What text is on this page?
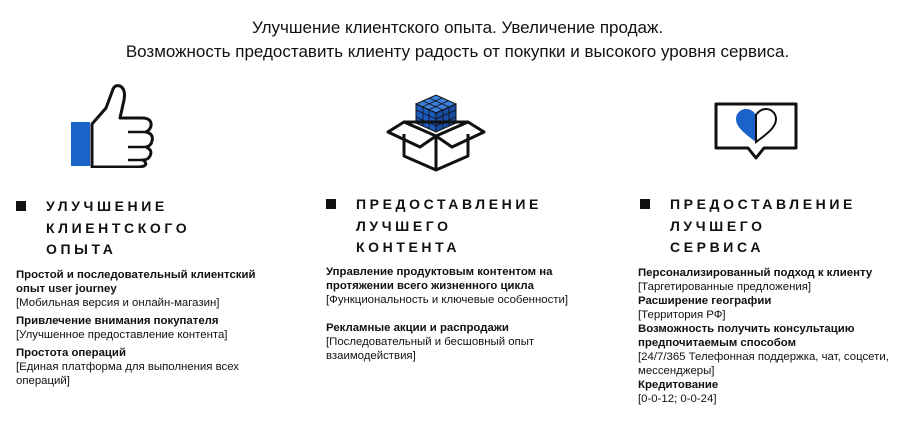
Улучшение клиентского опыта. Увеличение продаж.
Возможность предоставить клиенту радость от покупки и высокого уровня сервиса.
УЛУЧШЕНИЕ
КЛИЕНТСКОГО
ОПЫТА
Простой и последовательный клиентский опыт user journey
[Мобильная версия и онлайн-магазин]
Привлечение внимания покупателя
[Улучшенное предоставление контента]
Простота операций
[Единая платформа для выполнения всех операций]
ПРЕДОСТАВЛЕНИЕ
ЛУЧШЕГО
КОНТЕНТА
Управление продуктовым контентом на протяжении всего жизненного цикла
[Функциональность и ключевые особенности]
Рекламные акции и распродажи
[Последовательный и бесшовный опыт взаимодействия]
ПРЕДОСТАВЛЕНИЕ
ЛУЧШЕГО
СЕРВИСА
Персонализированный подход к клиенту
[Таргетированные предложения]
Расширение географии
[Территория РФ]
Возможность получить консультацию предпочитаемым способом
[24/7/365 Телефонная поддержка, чат, соцсети, мессенджеры]
Кредитование
[0-0-12; 0-0-24]
